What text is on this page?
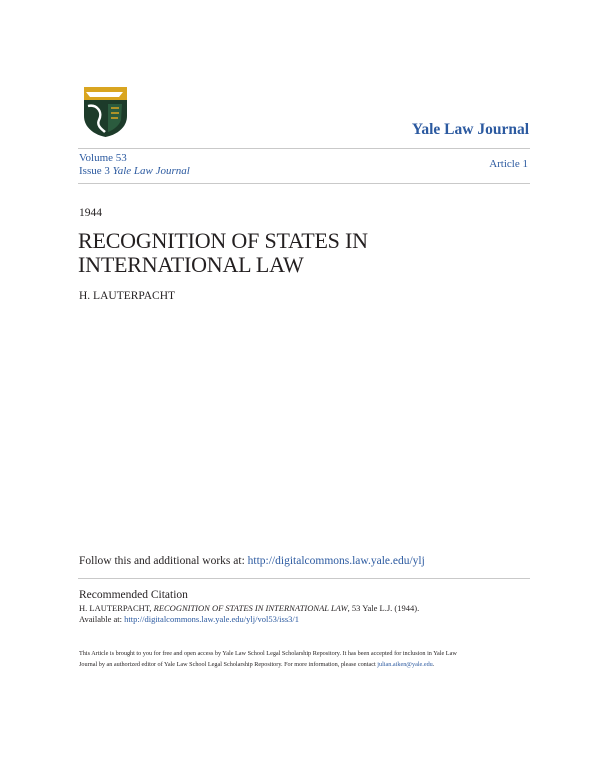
Yale Law Journal
Volume 53
Issue 3 Yale Law Journal
Article 1
1944
RECOGNITION OF STATES IN INTERNATIONAL LAW
H. LAUTERPACHT
Follow this and additional works at: http://digitalcommons.law.yale.edu/ylj
Recommended Citation
H. LAUTERPACHT, RECOGNITION OF STATES IN INTERNATIONAL LAW, 53 Yale L.J. (1944).
Available at: http://digitalcommons.law.yale.edu/ylj/vol53/iss3/1
This Article is brought to you for free and open access by Yale Law School Legal Scholarship Repository. It has been accepted for inclusion in Yale Law
Journal by an authorized editor of Yale Law School Legal Scholarship Repository. For more information, please contact julian.aiken@yale.edu.
